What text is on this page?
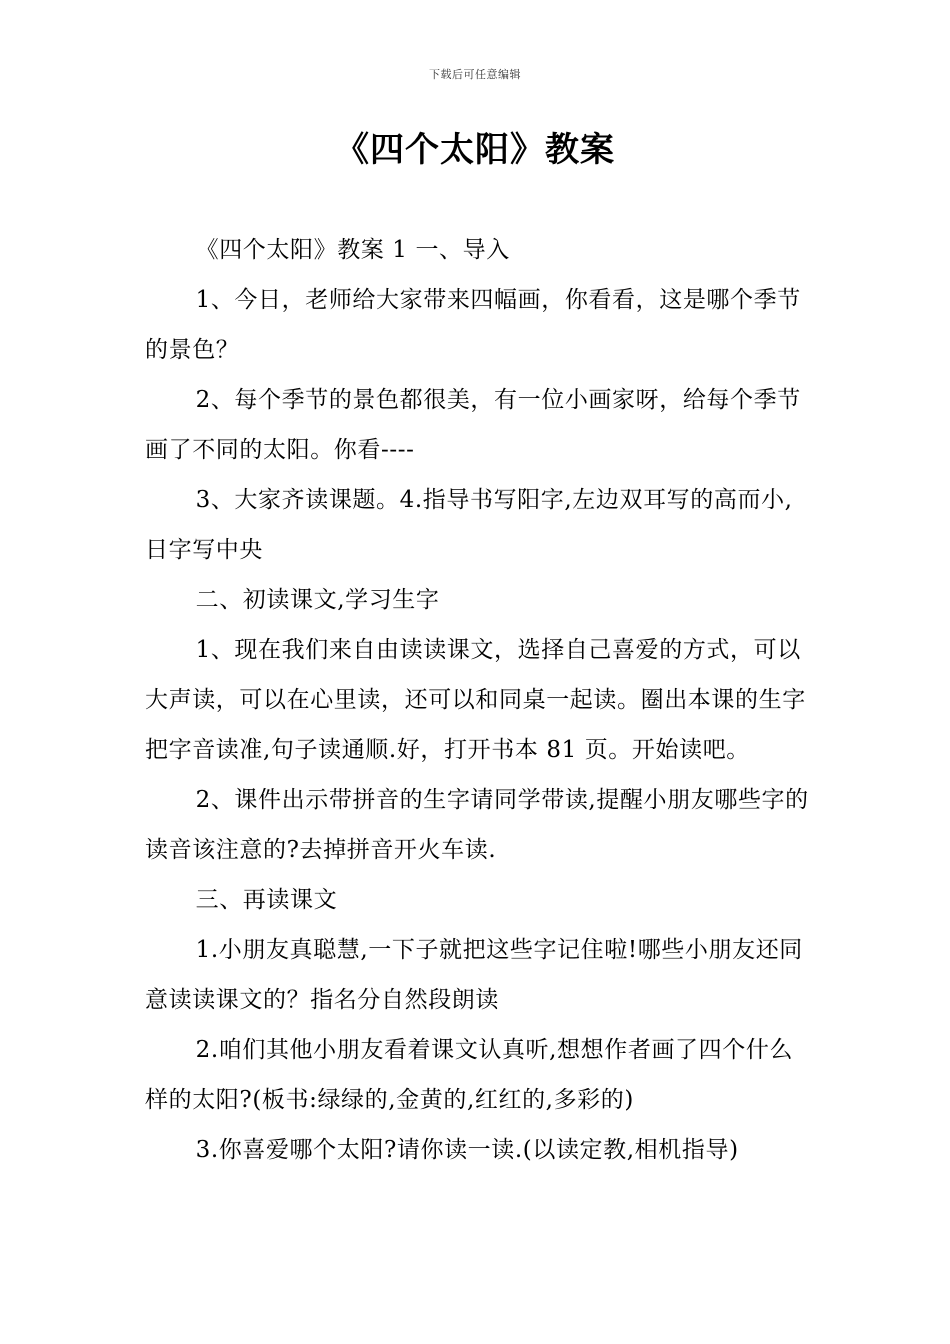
下载后可任意编辑
《四个太阳》教案

《四个太阳》教案 1 一、导入

1、今日，老师给大家带来四幅画，你看看，这是哪个季节的景色？

2、每个季节的景色都很美，有一位小画家呀，给每个季节画了不同的太阳。你看----

3、大家齐读课题。4.指导书写阳字,左边双耳写的高而小,日字写中央

二、初读课文,学习生字

1、现在我们来自由读读课文，选择自己喜爱的方式，可以大声读，可以在心里读，还可以和同桌一起读。圈出本课的生字把字音读准,句子读通顺.好，打开书本 81 页。开始读吧。

2、课件出示带拼音的生字请同学带读,提醒小朋友哪些字的读音该注意的?去掉拼音开火车读.

三、再读课文

1.小朋友真聪慧,一下子就把这些字记住啦!哪些小朋友还同意读读课文的？指名分自然段朗读

2.咱们其他小朋友看着课文认真听,想想作者画了四个什么样的太阳?(板书:绿绿的,金黄的,红红的,多彩的)

3.你喜爱哪个太阳?请你读一读.(以读定教,相机指导)
